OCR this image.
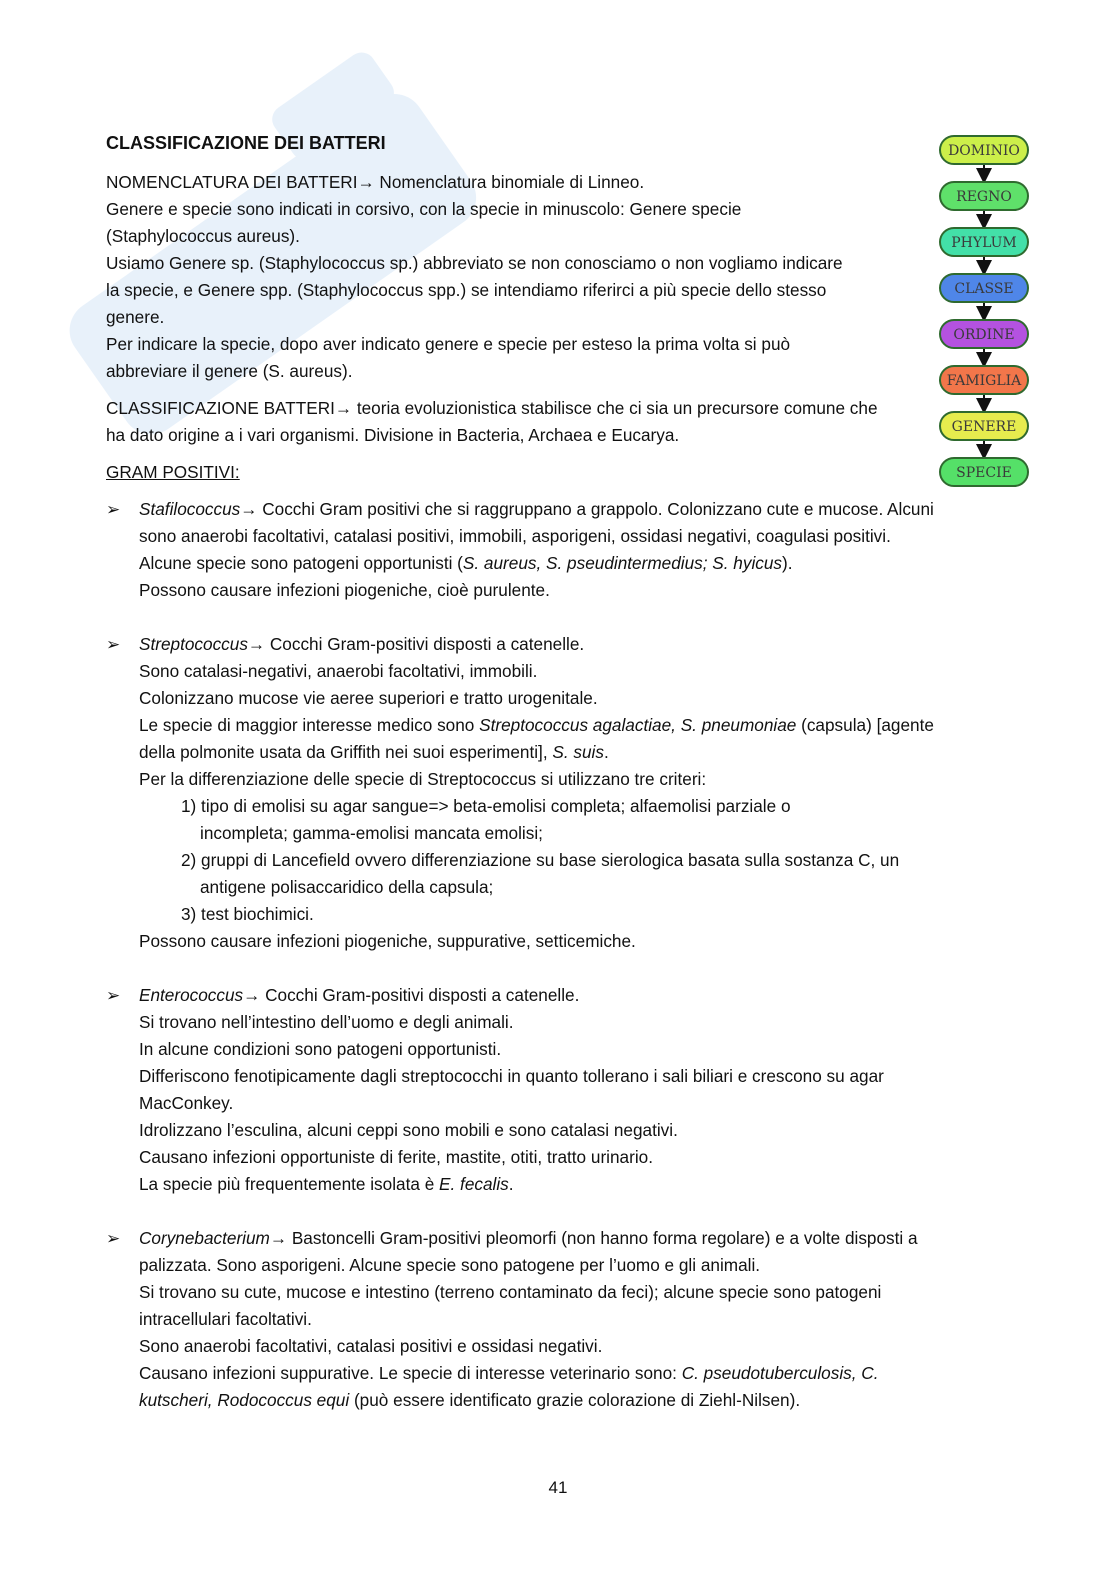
CLASSIFICAZIONE DEI BATTERI
NOMENCLATURA DEI BATTERI→ Nomenclatura binomiale di Linneo.
Genere e specie sono indicati in corsivo, con la specie in minuscolo: Genere specie
(Staphylococcus aureus).
Usiamo Genere sp. (Staphylococcus sp.) abbreviato se non conosciamo o non vogliamo indicare
la specie, e Genere spp. (Staphylococcus spp.) se intendiamo riferirci a più specie dello stesso
genere.
Per indicare la specie, dopo aver indicato genere e specie per esteso la prima volta si può
abbreviare il genere (S. aureus).
CLASSIFICAZIONE BATTERI→ teoria evoluzionistica stabilisce che ci sia un precursore comune che
ha dato origine a i vari organismi. Divisione in Bacteria, Archaea e Eucarya.
GRAM POSITIVI:
➢ Stafilococcus→ Cocchi Gram positivi che si raggruppano a grappolo. Colonizzano cute e mucose. Alcuni
sono anaerobi facoltativi, catalasi positivi, immobili, asporigeni, ossidasi negativi, coagulasi positivi.
Alcune specie sono patogeni opportunisti (S. aureus, S. pseudintermedius; S. hyicus).
Possono causare infezioni piogeniche, cioè purulente.
➢ Streptococcus→ Cocchi Gram-positivi disposti a catenelle.
Sono catalasi-negativi, anaerobi facoltativi, immobili.
Colonizzano mucose vie aeree superiori e tratto urogenitale.
Le specie di maggior interesse medico sono Streptococcus agalactiae, S. pneumoniae (capsula) [agente
della polmonite usata da Griffith nei suoi esperimenti], S. suis.
Per la differenziazione delle specie di Streptococcus si utilizzano tre criteri:
1) tipo di emolisi su agar sangue=> beta-emolisi completa; alfaemolisi parziale o
incompleta; gamma-emolisi mancata emolisi;
2) gruppi di Lancefield ovvero differenziazione su base sierologica basata sulla sostanza C, un
antigene polisaccaridico della capsula;
3) test biochimici.
Possono causare infezioni piogeniche, suppurative, setticemiche.
➢ Enterococcus→ Cocchi Gram-positivi disposti a catenelle.
Si trovano nell’intestino dell’uomo e degli animali.
In alcune condizioni sono patogeni opportunisti.
Differiscono fenotipicamente dagli streptococchi in quanto tollerano i sali biliari e crescono su agar
MacConkey.
Idrolizzano l’esculina, alcuni ceppi sono mobili e sono catalasi negativi.
Causano infezioni opportuniste di ferite, mastite, otiti, tratto urinario.
La specie più frequentemente isolata è E. fecalis.
➢ Corynebacterium→ Bastoncelli Gram-positivi pleomorfi (non hanno forma regolare) e a volte disposti a
palizzata. Sono asporigeni. Alcune specie sono patogene per l’uomo e gli animali.
Si trovano su cute, mucose e intestino (terreno contaminato da feci); alcune specie sono patogeni
intracellulari facoltativi.
Sono anaerobi facoltativi, catalasi positivi e ossidasi negativi.
Causano infezioni suppurative. Le specie di interesse veterinario sono: C. pseudotuberculosis, C.
kutscheri, Rodococcus equi (può essere identificato grazie colorazione di Ziehl-Nilsen).
DOMINIO
REGNO
PHYLUM
CLASSE
ORDINE
FAMIGLIA
GENERE
SPECIE
41
